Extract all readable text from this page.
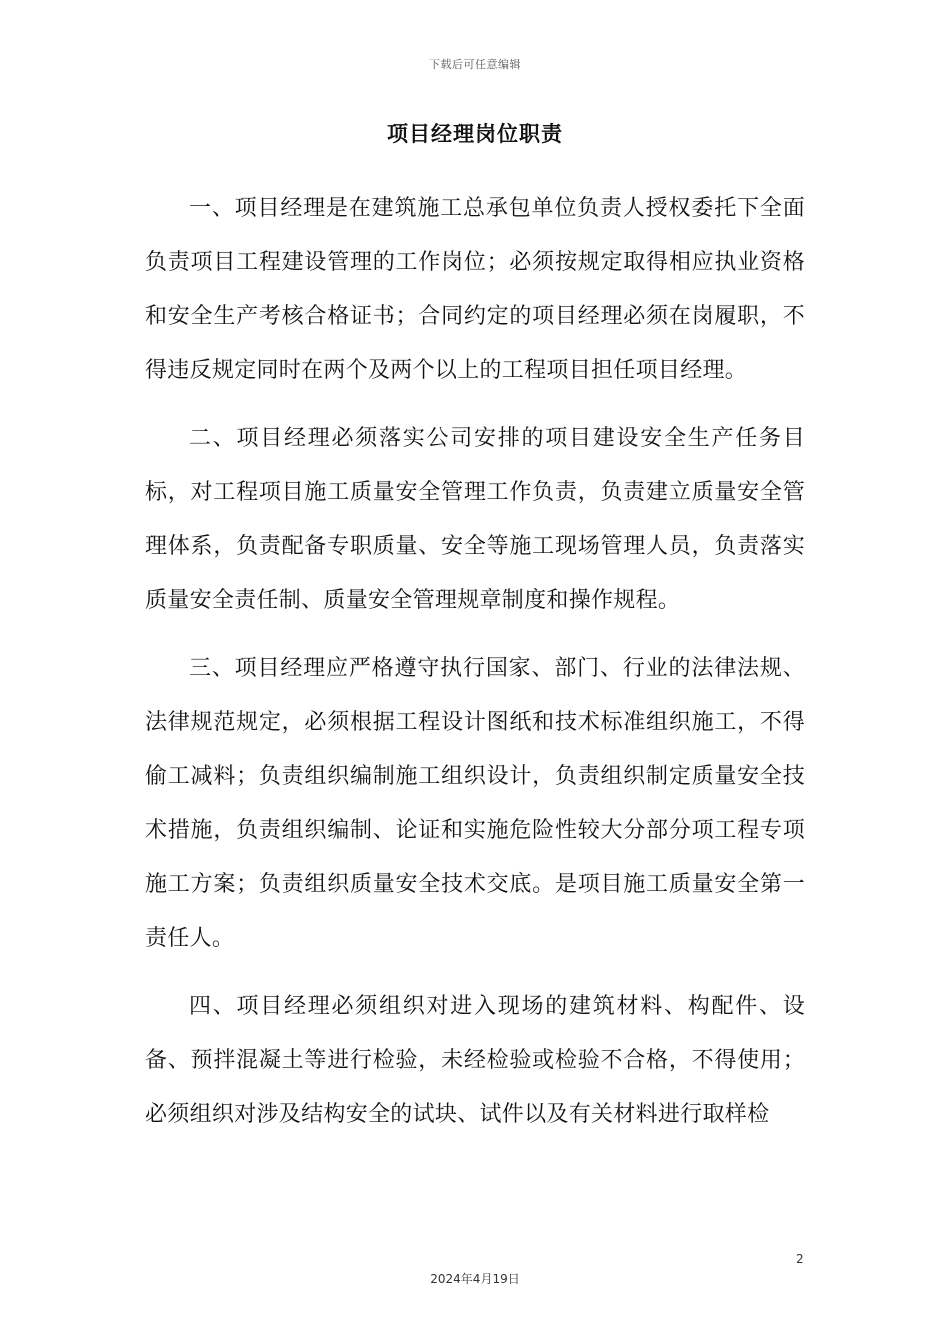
下载后可任意编辑
项目经理岗位职责

一、项目经理是在建筑施工总承包单位负责人授权委托下全面负责项目工程建设管理的工作岗位；必须按规定取得相应执业资格和安全生产考核合格证书；合同约定的项目经理必须在岗履职，不得违反规定同时在两个及两个以上的工程项目担任项目经理。

二、项目经理必须落实公司安排的项目建设安全生产任务目标，对工程项目施工质量安全管理工作负责，负责建立质量安全管理体系，负责配备专职质量、安全等施工现场管理人员，负责落实质量安全责任制、质量安全管理规章制度和操作规程。

三、项目经理应严格遵守执行国家、部门、行业的法律法规、法律规范规定，必须根据工程设计图纸和技术标准组织施工，不得偷工减料；负责组织编制施工组织设计，负责组织制定质量安全技术措施，负责组织编制、论证和实施危险性较大分部分项工程专项施工方案；负责组织质量安全技术交底。是项目施工质量安全第一责任人。

四、项目经理必须组织对进入现场的建筑材料、构配件、设备、预拌混凝土等进行检验，未经检验或检验不合格，不得使用；必须组织对涉及结构安全的试块、试件以及有关材料进行取样检

2
2024年4月19日
